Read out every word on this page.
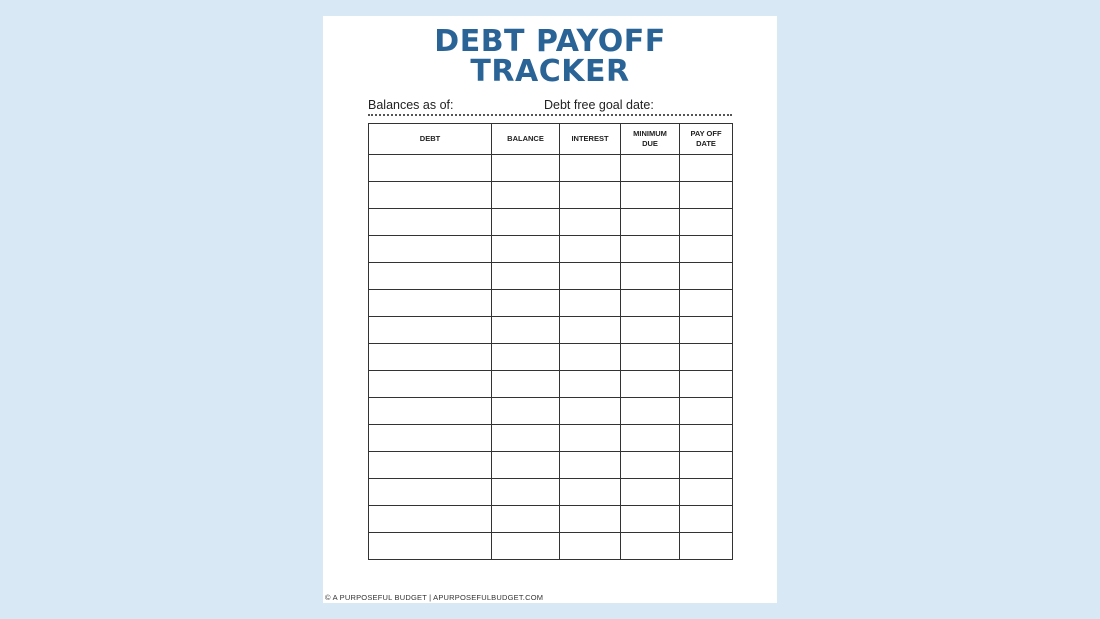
DEBT PAYOFF
TRACKER
Balances as of:	Debt free goal date:
DEBT	BALANCE	INTEREST	MINIMUM DUE	PAY OFF DATE

© A PURPOSEFUL BUDGET | APURPOSEFULBUDGET.COM
